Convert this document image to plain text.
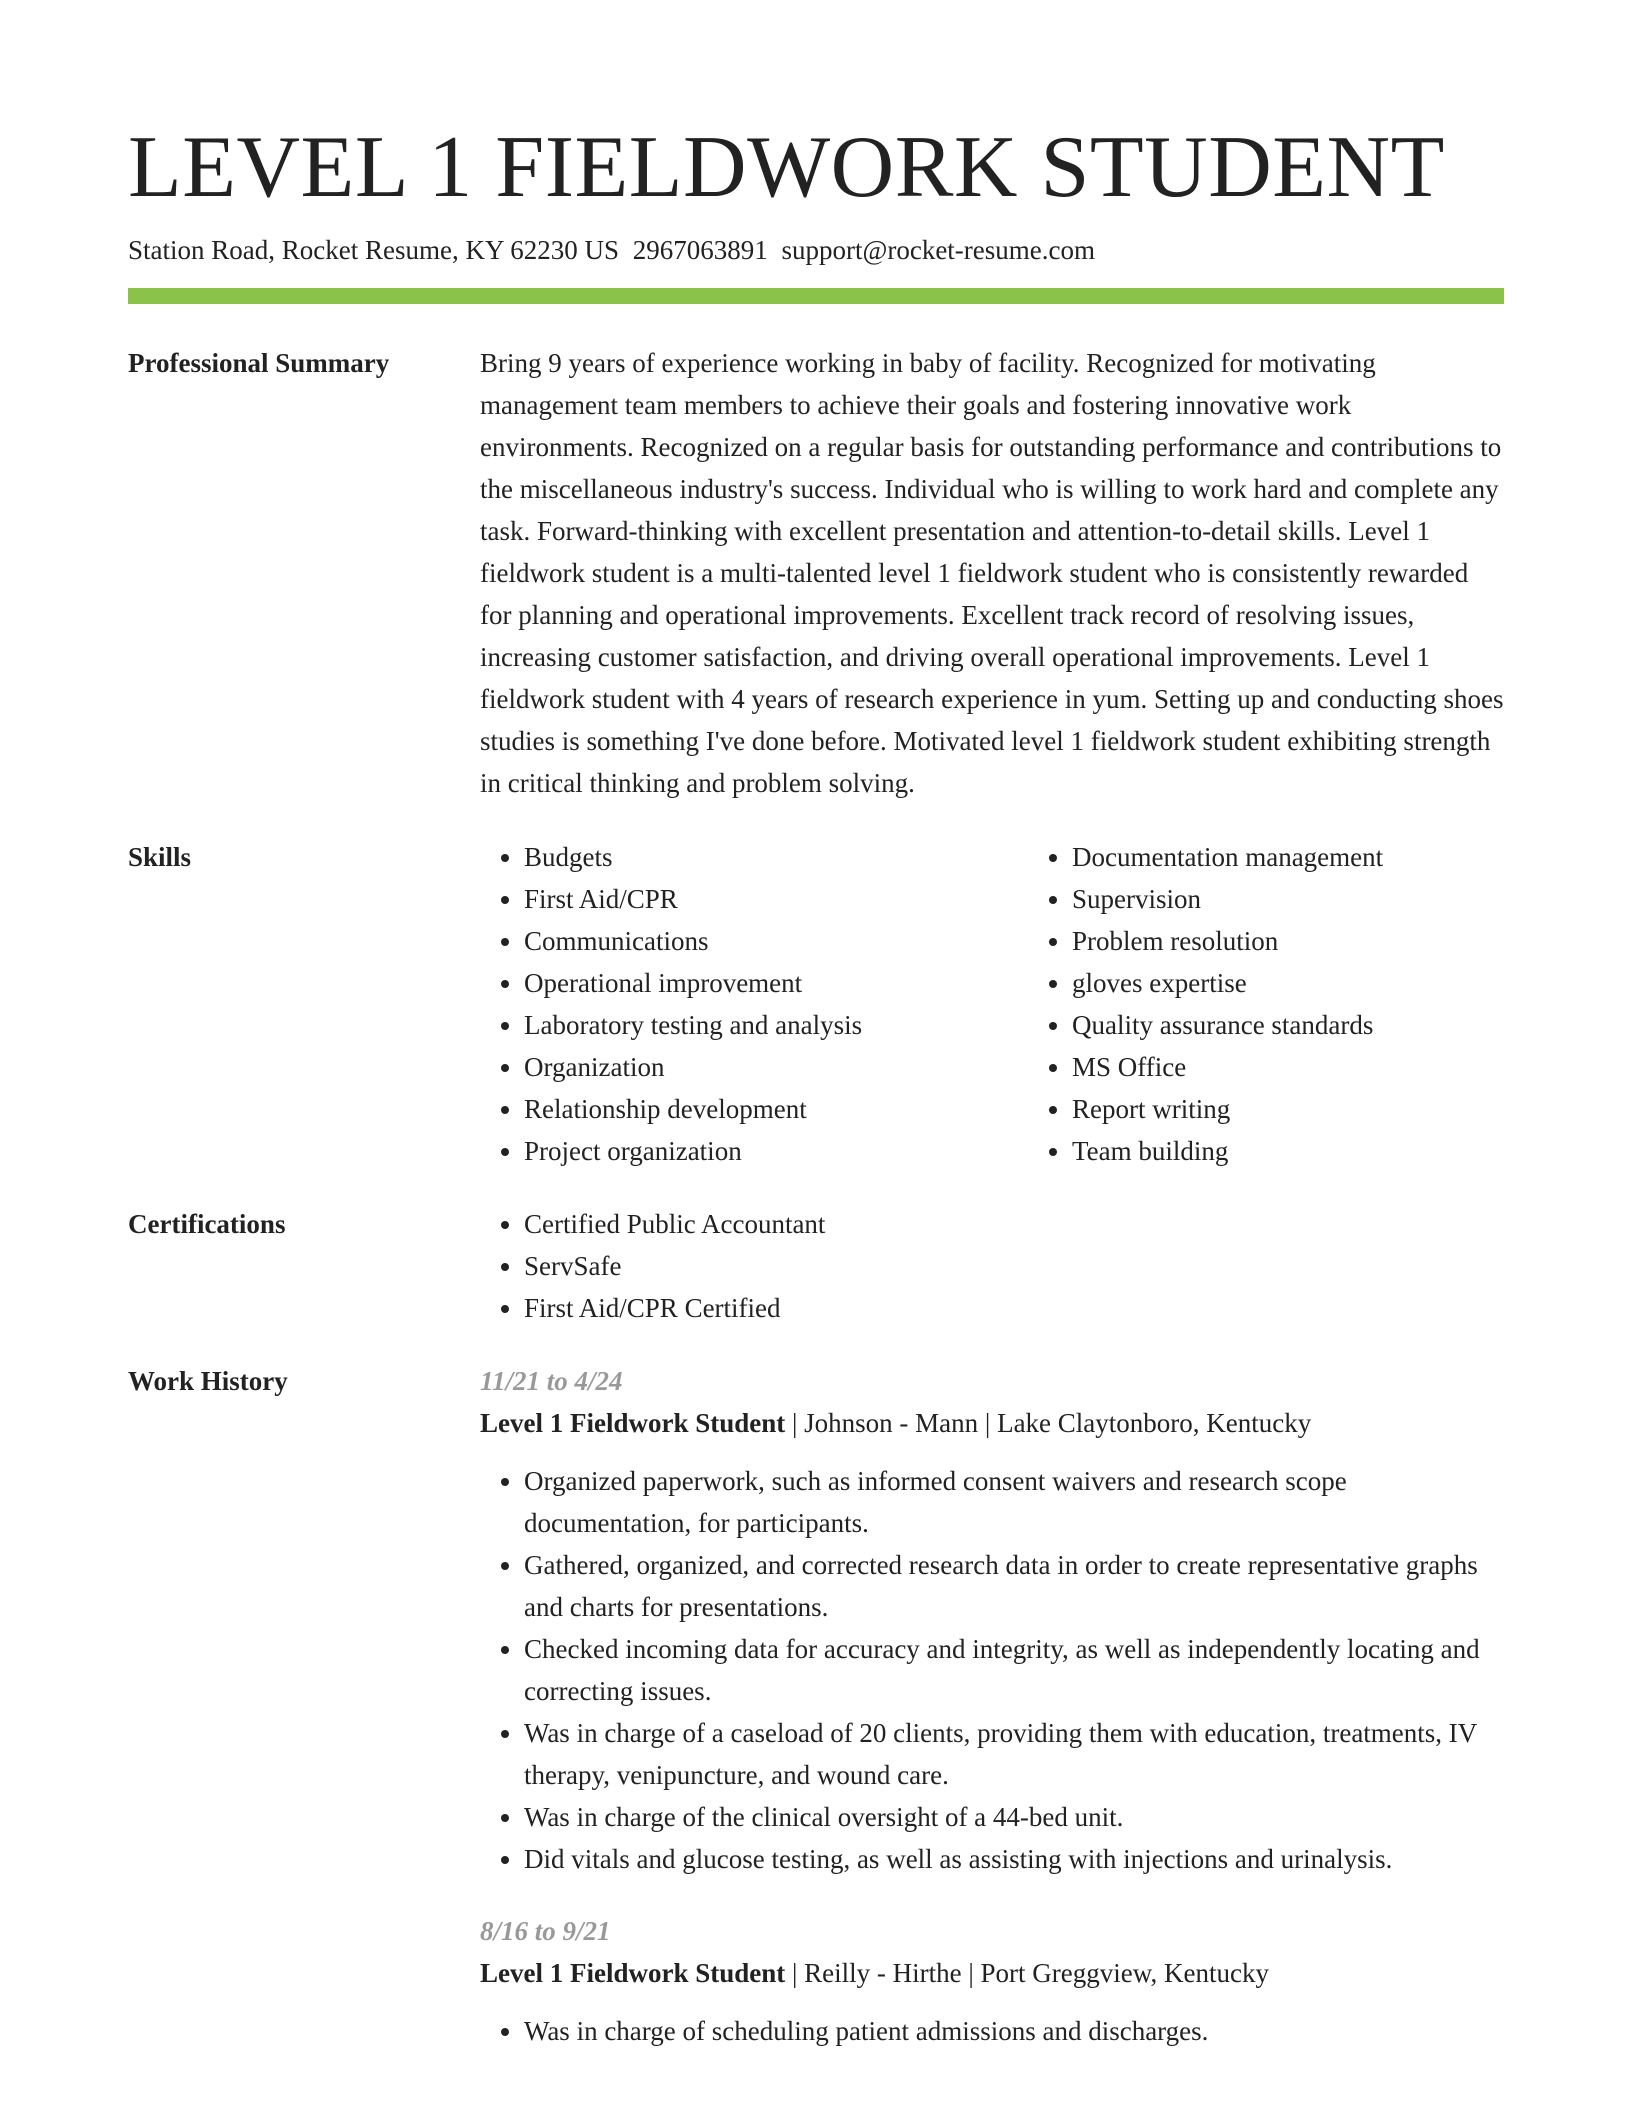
LEVEL 1 FIELDWORK STUDENT
Station Road, Rocket Resume, KY 62230 US 2967063891 support@rocket-resume.com
Professional Summary	Bring 9 years of experience working in baby of facility. Recognized for motivating management team members to achieve their goals and fostering innovative work environments. Recognized on a regular basis for outstanding performance and contributions to the miscellaneous industry's success. Individual who is willing to work hard and complete any task. Forward-thinking with excellent presentation and attention-to-detail skills. Level 1 fieldwork student is a multi-talented level 1 fieldwork student who is consistently rewarded for planning and operational improvements. Excellent track record of resolving issues, increasing customer satisfaction, and driving overall operational improvements. Level 1 fieldwork student with 4 years of research experience in yum. Setting up and conducting shoes studies is something I've done before. Motivated level 1 fieldwork student exhibiting strength in critical thinking and problem solving.

Skills	• Budgets
• First Aid/CPR
• Communications
• Operational improvement
• Laboratory testing and analysis
• Organization
• Relationship development
• Project organization
• Documentation management
• Supervision
• Problem resolution
• gloves expertise
• Quality assurance standards
• MS Office
• Report writing
• Team building
Certifications	• Certified Public Accountant
• ServSafe
• First Aid/CPR Certified
Work History	11/21 to 4/24
Level 1 Fieldwork Student | Johnson - Mann | Lake Claytonboro, Kentucky
• Organized paperwork, such as informed consent waivers and research scope documentation, for participants.
• Gathered, organized, and corrected research data in order to create representative graphs and charts for presentations.
• Checked incoming data for accuracy and integrity, as well as independently locating and correcting issues.
• Was in charge of a caseload of 20 clients, providing them with education, treatments, IV therapy, venipuncture, and wound care.
• Was in charge of the clinical oversight of a 44-bed unit.
• Did vitals and glucose testing, as well as assisting with injections and urinalysis.
8/16 to 9/21
Level 1 Fieldwork Student | Reilly - Hirthe | Port Greggview, Kentucky
• Was in charge of scheduling patient admissions and discharges.
